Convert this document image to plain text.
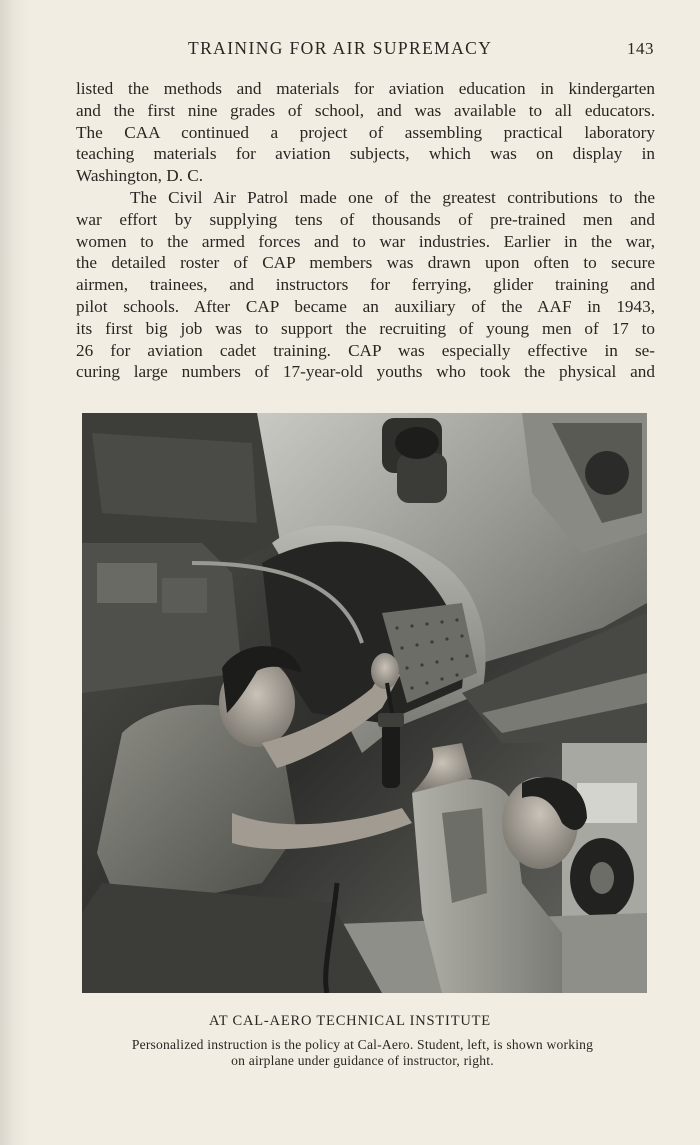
TRAINING FOR AIR SUPREMACY	143
listed the methods and materials for aviation education in kindergarten
and the first nine grades of school, and was available to all educators.
The CAA continued a project of assembling practical laboratory
teaching materials for aviation subjects, which was on display in
Washington, D. C.
The Civil Air Patrol made one of the greatest contributions to the
war effort by supplying tens of thousands of pre-trained men and
women to the armed forces and to war industries. Earlier in the war,
the detailed roster of CAP members was drawn upon often to secure
airmen, trainees, and instructors for ferrying, glider training and
pilot schools. After CAP became an auxiliary of the AAF in 1943,
its first big job was to support the recruiting of young men of 17 to
26 for aviation cadet training. CAP was especially effective in se-
curing large numbers of 17-year-old youths who took the physical and
AT CAL-AERO TECHNICAL INSTITUTE
Personalized instruction is the policy at Cal-Aero. Student, left, is shown working
on airplane under guidance of instructor, right.
